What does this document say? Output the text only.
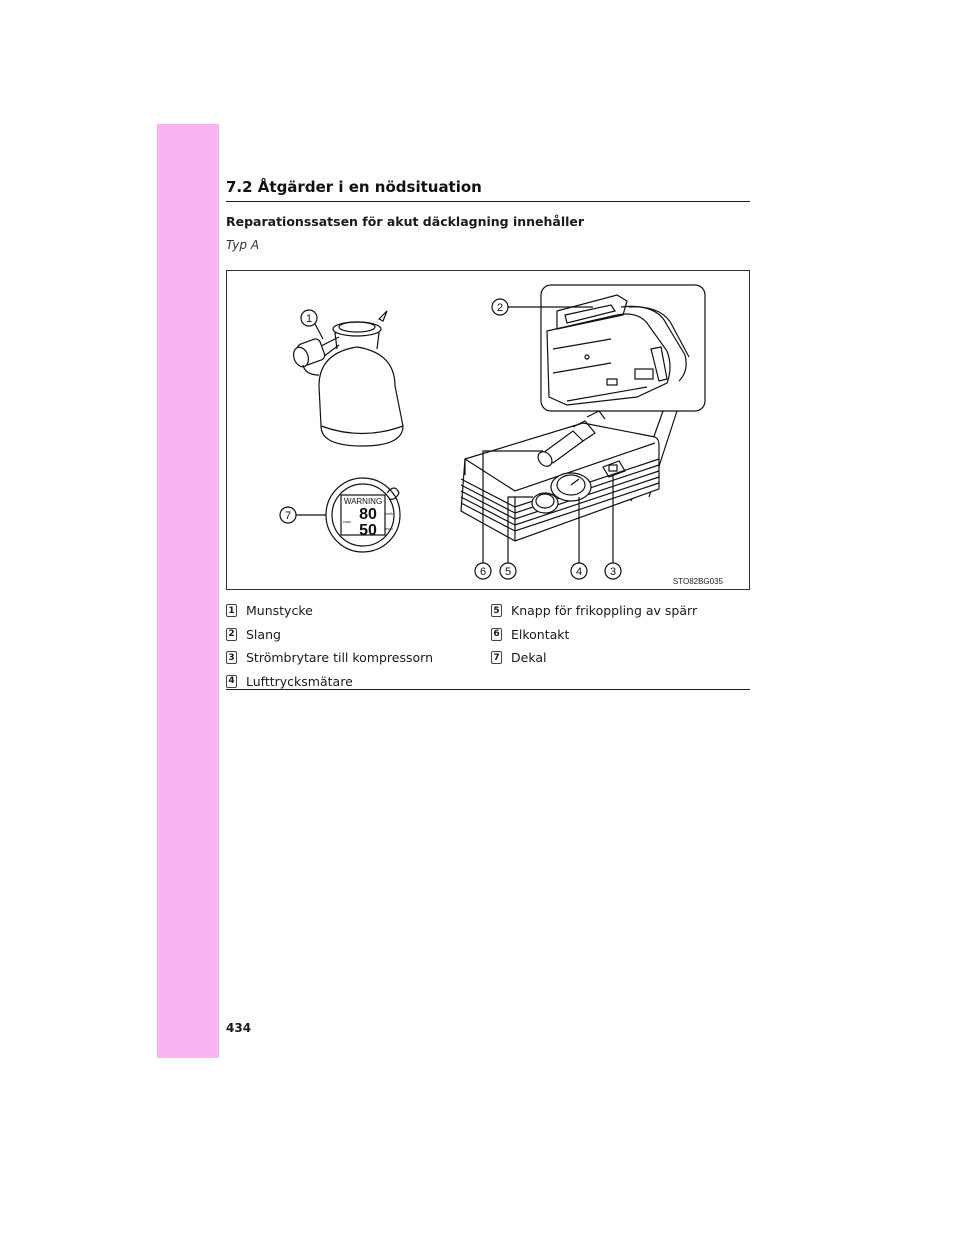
7.2 Åtgärder i en nödsituation
Reparationssatsen för akut däcklagning innehåller

Typ A

1
2
6 5	4	3
WARNING
80
50
km/h
mph
max
7
STO82BG035
1 Munstycke
2 Slang
3 Strömbrytare till kompressorn
4 Lufttrycksmätare
5 Knapp för frikoppling av spärr
6 Elkontakt
7 Dekal

434
